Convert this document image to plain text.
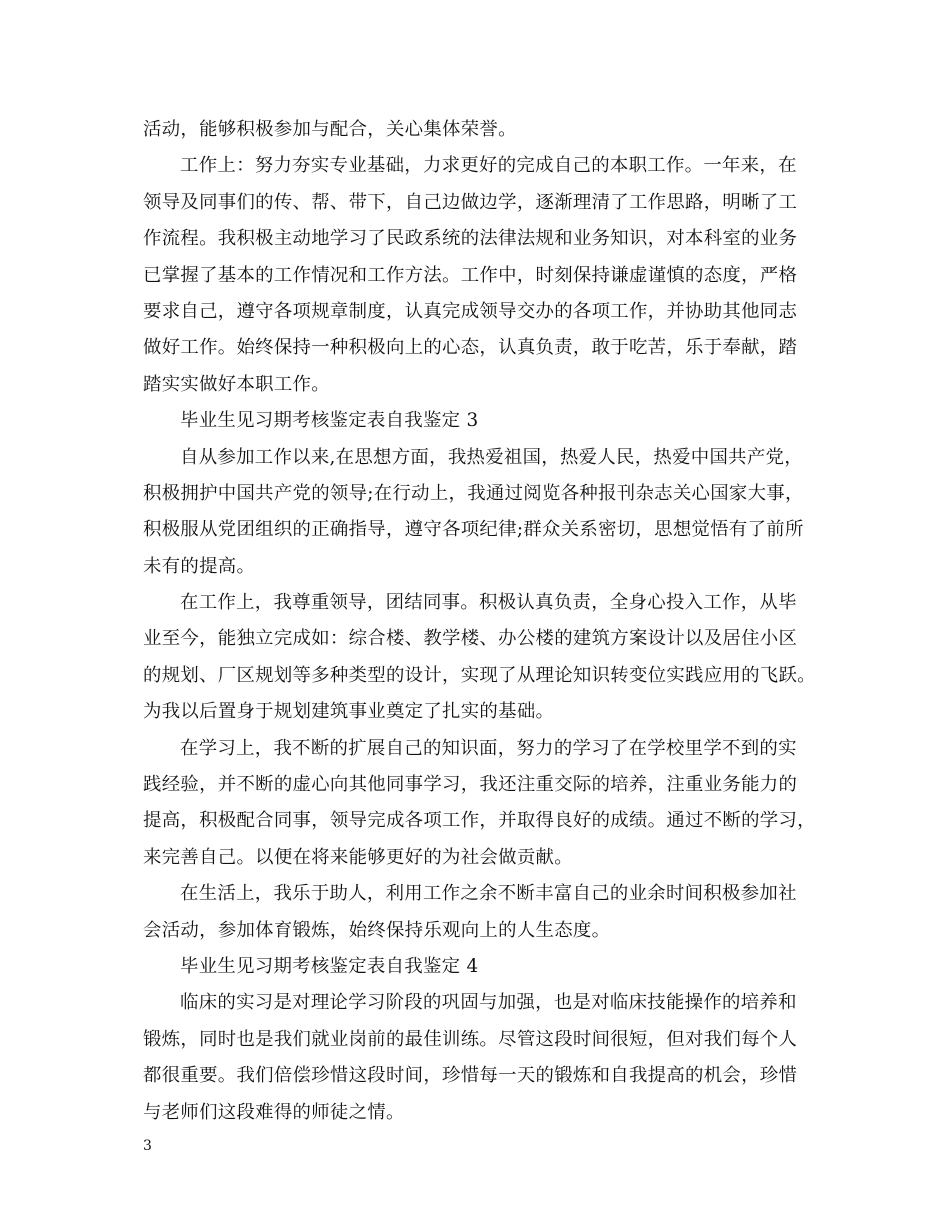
活动，能够积极参加与配合，关心集体荣誉。
工作上：努力夯实专业基础，力求更好的完成自己的本职工作。一年来，在
领导及同事们的传、帮、带下，自己边做边学，逐渐理清了工作思路，明晰了工
作流程。我积极主动地学习了民政系统的法律法规和业务知识，对本科室的业务
已掌握了基本的工作情况和工作方法。工作中，时刻保持谦虚谨慎的态度，严格
要求自己，遵守各项规章制度，认真完成领导交办的各项工作，并协助其他同志
做好工作。始终保持一种积极向上的心态，认真负责，敢于吃苦，乐于奉献，踏
踏实实做好本职工作。
毕业生见习期考核鉴定表自我鉴定 3
自从参加工作以来,在思想方面，我热爱祖国，热爱人民，热爱中国共产党，
积极拥护中国共产党的领导;在行动上，我通过阅览各种报刊杂志关心国家大事，
积极服从党团组织的正确指导，遵守各项纪律;群众关系密切，思想觉悟有了前所
未有的提高。
在工作上，我尊重领导，团结同事。积极认真负责，全身心投入工作，从毕
业至今，能独立完成如：综合楼、教学楼、办公楼的建筑方案设计以及居住小区
的规划、厂区规划等多种类型的设计，实现了从理论知识转变位实践应用的飞跃。
为我以后置身于规划建筑事业奠定了扎实的基础。
在学习上，我不断的扩展自己的知识面，努力的学习了在学校里学不到的实
践经验，并不断的虚心向其他同事学习，我还注重交际的培养，注重业务能力的
提高，积极配合同事，领导完成各项工作，并取得良好的成绩。通过不断的学习，
来完善自己。以便在将来能够更好的为社会做贡献。
在生活上，我乐于助人，利用工作之余不断丰富自己的业余时间积极参加社
会活动，参加体育锻炼，始终保持乐观向上的人生态度。
毕业生见习期考核鉴定表自我鉴定 4
临床的实习是对理论学习阶段的巩固与加强，也是对临床技能操作的培养和
锻炼，同时也是我们就业岗前的最佳训练。尽管这段时间很短，但对我们每个人
都很重要。我们倍偿珍惜这段时间，珍惜每一天的锻炼和自我提高的机会，珍惜
与老师们这段难得的师徒之情。
3
